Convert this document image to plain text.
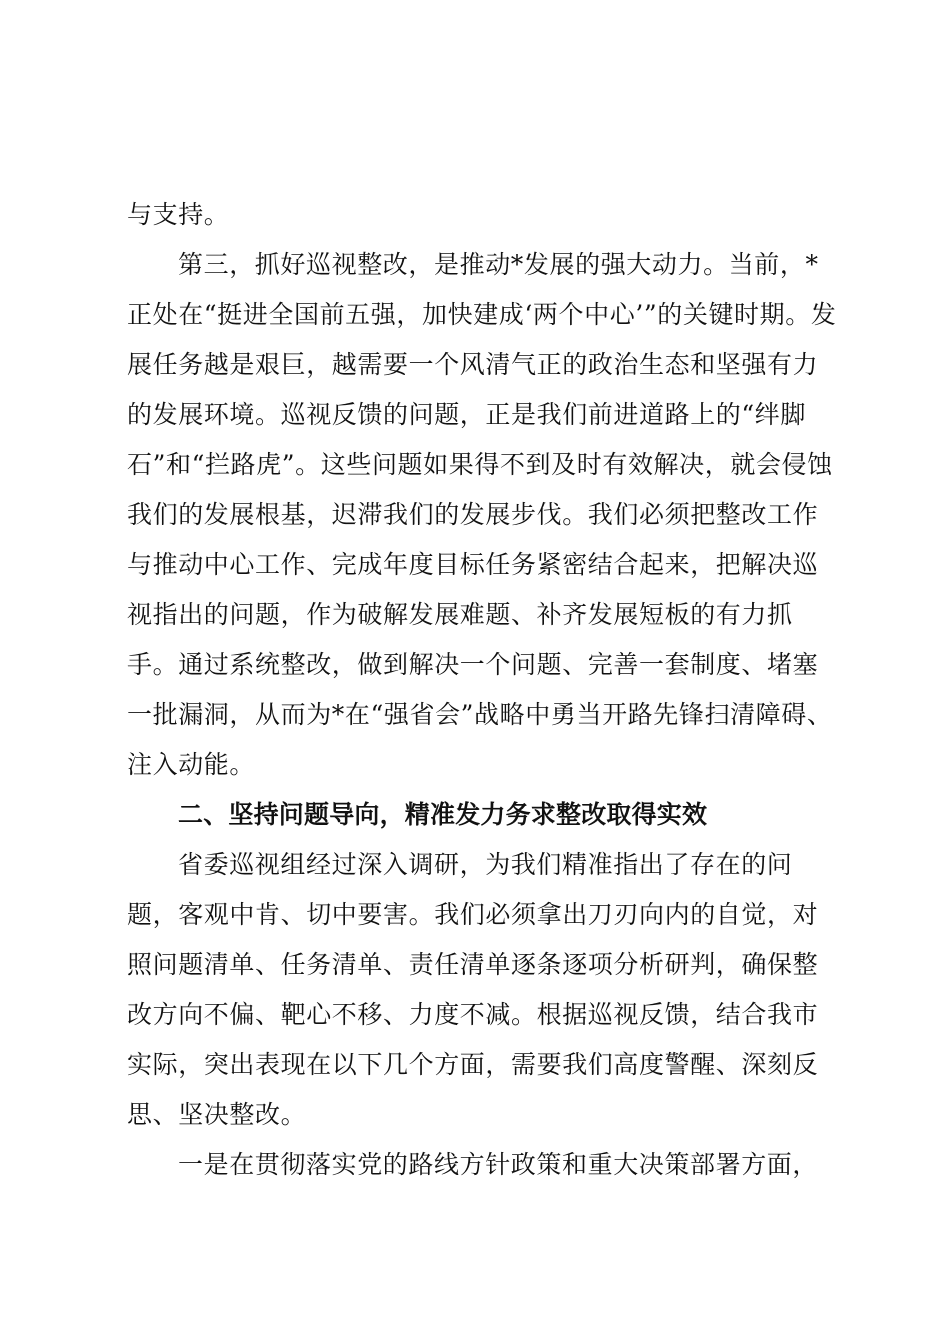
与支持。
第三，抓好巡视整改，是推动*发展的强大动力。当前，*
正处在“挺进全国前五强，加快建成‘两个中心’”的关键时期。发
展任务越是艰巨，越需要一个风清气正的政治生态和坚强有力
的发展环境。巡视反馈的问题，正是我们前进道路上的“绊脚
石”和“拦路虎”。这些问题如果得不到及时有效解决，就会侵蚀
我们的发展根基，迟滞我们的发展步伐。我们必须把整改工作
与推动中心工作、完成年度目标任务紧密结合起来，把解决巡
视指出的问题，作为破解发展难题、补齐发展短板的有力抓
手。通过系统整改，做到解决一个问题、完善一套制度、堵塞
一批漏洞，从而为*在“强省会”战略中勇当开路先锋扫清障碍、
注入动能。
二、坚持问题导向，精准发力务求整改取得实效
省委巡视组经过深入调研，为我们精准指出了存在的问
题，客观中肯、切中要害。我们必须拿出刀刃向内的自觉，对
照问题清单、任务清单、责任清单逐条逐项分析研判，确保整
改方向不偏、靶心不移、力度不减。根据巡视反馈，结合我市
实际，突出表现在以下几个方面，需要我们高度警醒、深刻反
思、坚决整改。
一是在贯彻落实党的路线方针政策和重大决策部署方面，
